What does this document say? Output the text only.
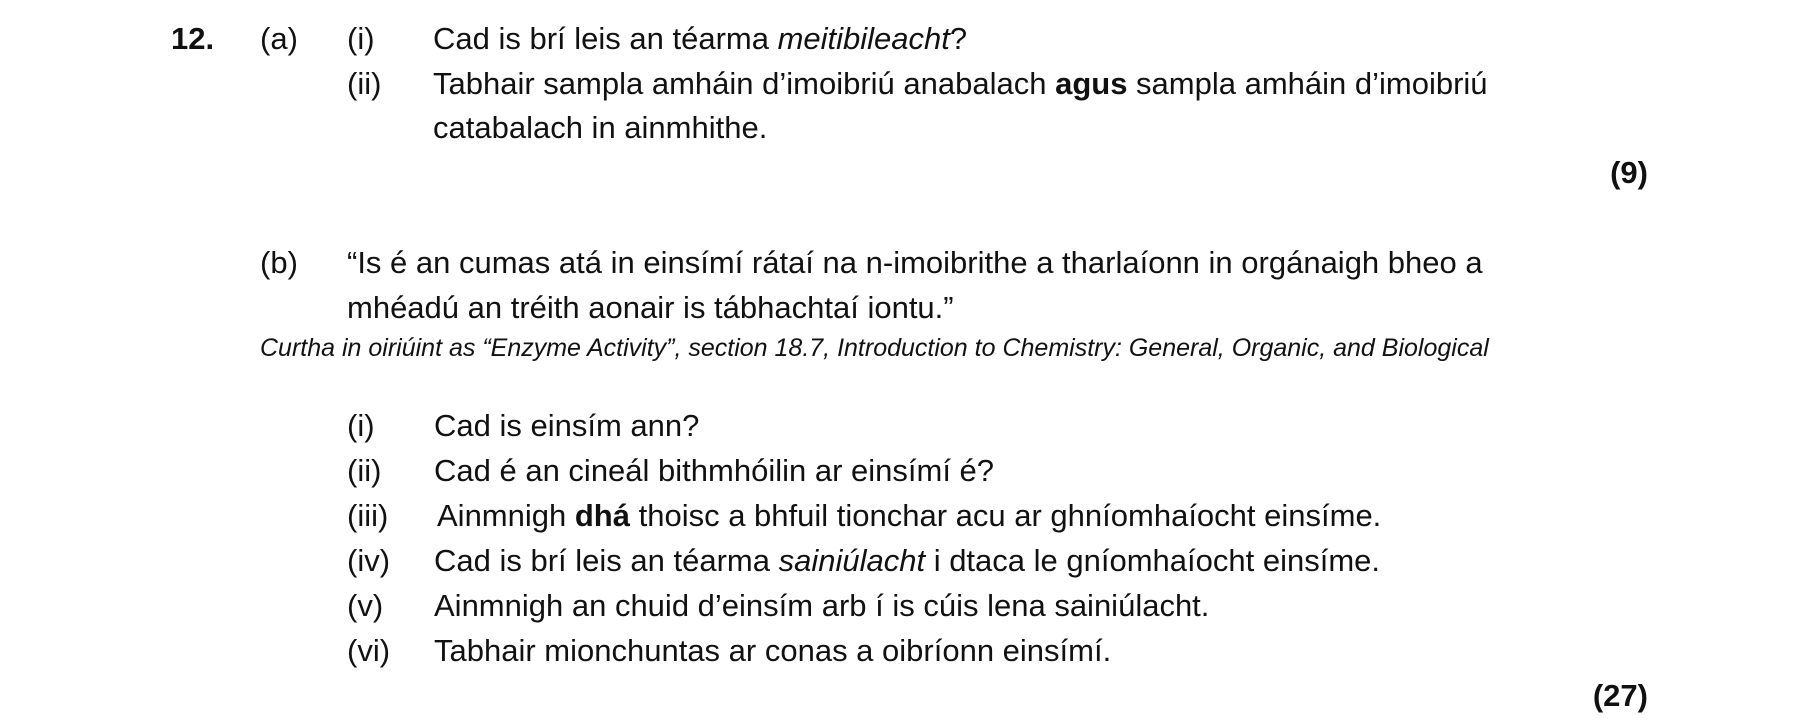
12. (a) (i) Cad is brí leis an téarma meitibileacht?
(ii) Tabhair sampla amháin d’imoibriú anabalach agus sampla amháin d’imoibriú
catabalach in ainmhithe.
(9)
(b) “Is é an cumas atá in einsímí rátaí na n-imoibrithe a tharlaíonn in orgánaigh bheo a
mhéadú an tréith aonair is tábhachtaí iontu.”
Curtha in oiriúint as “Enzyme Activity”, section 18.7, Introduction to Chemistry: General, Organic, and Biological
(i) Cad is einsím ann?
(ii) Cad é an cineál bithmhóilin ar einsímí é?
(iii) Ainmnigh dhá thoisc a bhfuil tionchar acu ar ghníomhaíocht einsíme.
(iv) Cad is brí leis an téarma sainiúlacht i dtaca le gníomhaíocht einsíme.
(v) Ainmnigh an chuid d’einsím arb í is cúis lena sainiúlacht.
(vi) Tabhair mionchuntas ar conas a oibríonn einsímí.
(27)
